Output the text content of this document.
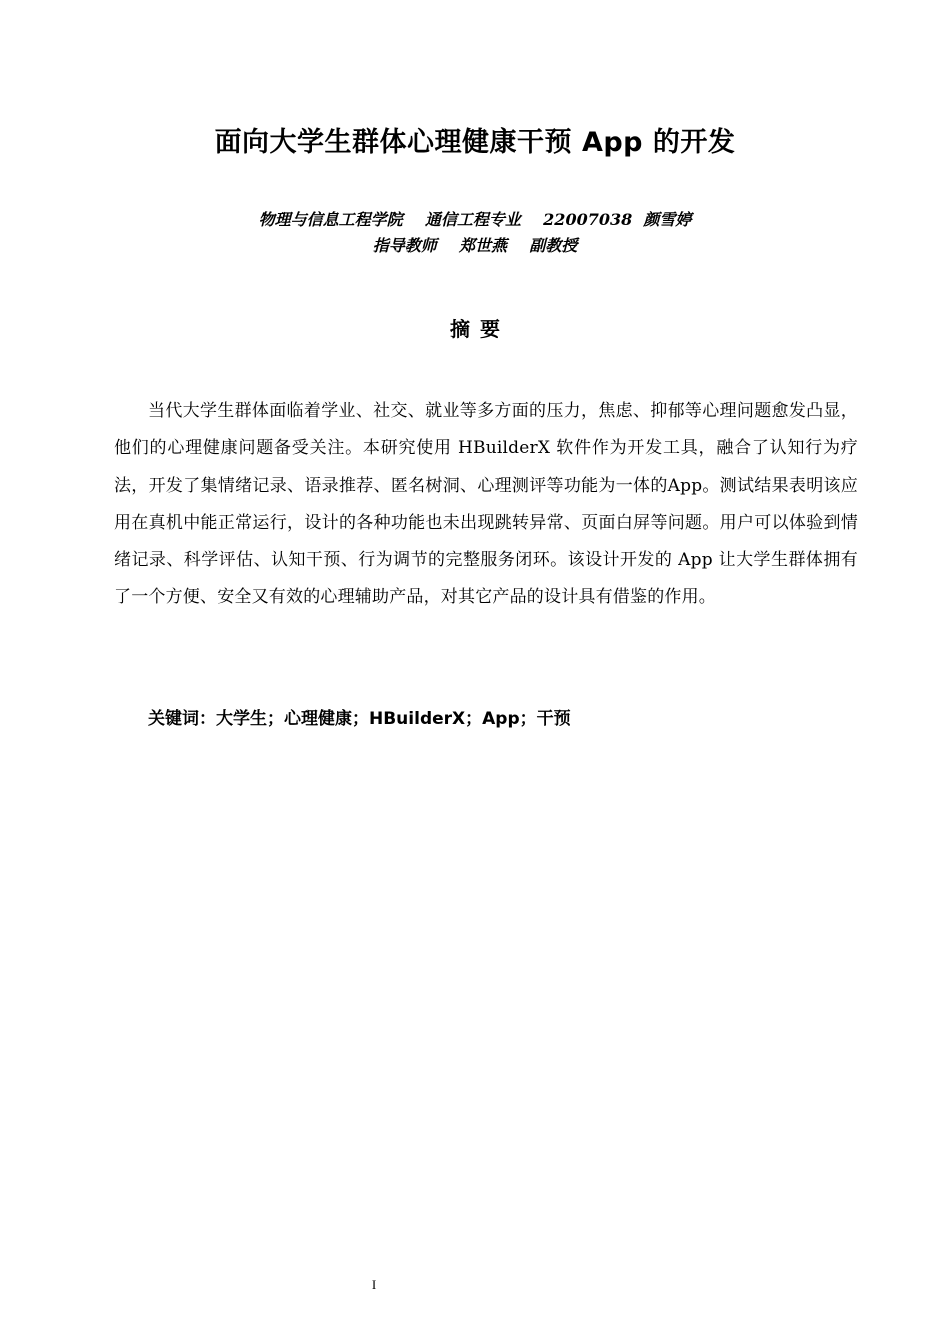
面向大学生群体心理健康干预 App 的开发
物理与信息工程学院    通信工程专业    22007038  颜雪婷
指导教师    郑世燕    副教授
摘要

当代大学生群体面临着学业、社交、就业等多方面的压力，焦虑、抑郁等心理问题愈发凸显，他们的心理健康问题备受关注。本研究使用 HBuilderX 软件作为开发工具，融合了认知行为疗法，开发了集情绪记录、语录推荐、匿名树洞、心理测评等功能为一体的App。测试结果表明该应用在真机中能正常运行，设计的各种功能也未出现跳转异常、页面白屏等问题。用户可以体验到情绪记录、科学评估、认知干预、行为调节的完整服务闭环。该设计开发的 App 让大学生群体拥有了一个方便、安全又有效的心理辅助产品，对其它产品的设计具有借鉴的作用。

关键词：大学生；心理健康；HBuilderX；App；干预
I
